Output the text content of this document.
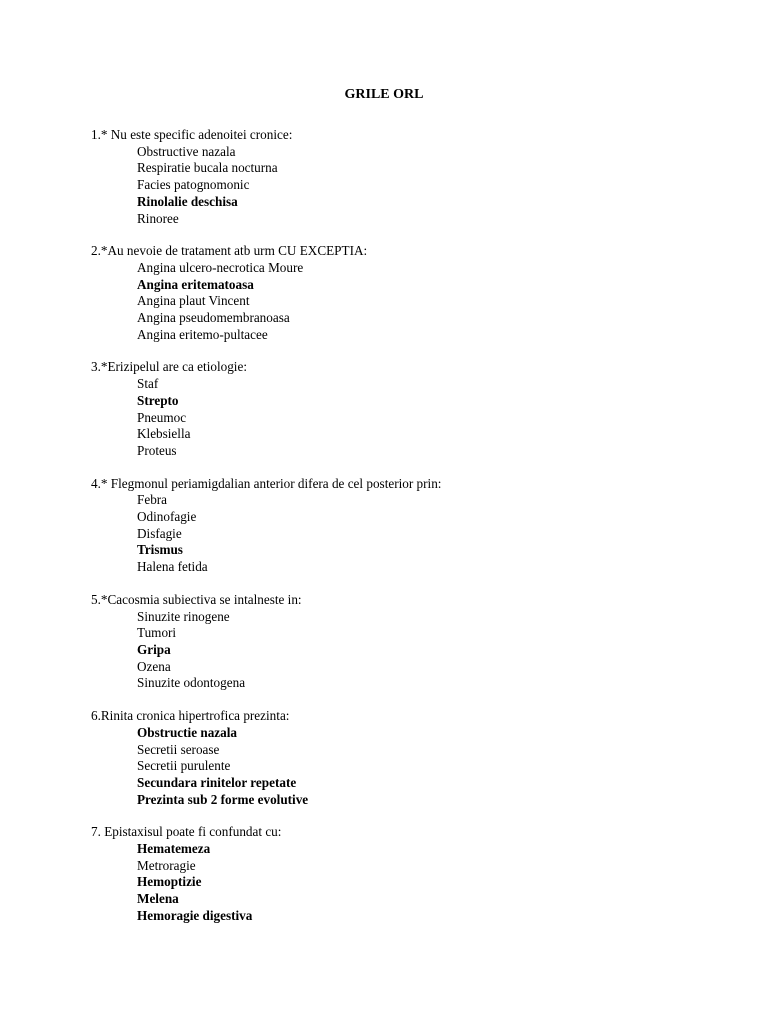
GRILE ORL
1.* Nu este specific adenoitei cronice:
Obstructive nazala
Respiratie bucala nocturna
Facies patognomonic
Rinolalie deschisa
Rinoree
2.*Au nevoie de tratament atb urm CU EXCEPTIA:
Angina ulcero-necrotica Moure
Angina eritematoasa
Angina plaut Vincent
Angina pseudomembranoasa
Angina eritemo-pultacee
3.*Erizipelul are ca etiologie:
Staf
Strepto
Pneumoc
Klebsiella
Proteus
4.* Flegmonul periamigdalian anterior difera de cel posterior prin:
Febra
Odinofagie
Disfagie
Trismus
Halena fetida
5.*Cacosmia subiectiva se intalneste in:
Sinuzite rinogene
Tumori
Gripa
Ozena
Sinuzite odontogena
6.Rinita cronica hipertrofica prezinta:
Obstructie nazala
Secretii seroase
Secretii purulente
Secundara rinitelor repetate
Prezinta sub 2 forme evolutive
7. Epistaxisul poate fi confundat cu:
Hematemeza
Metroragie
Hemoptizie
Melena
Hemoragie digestiva
